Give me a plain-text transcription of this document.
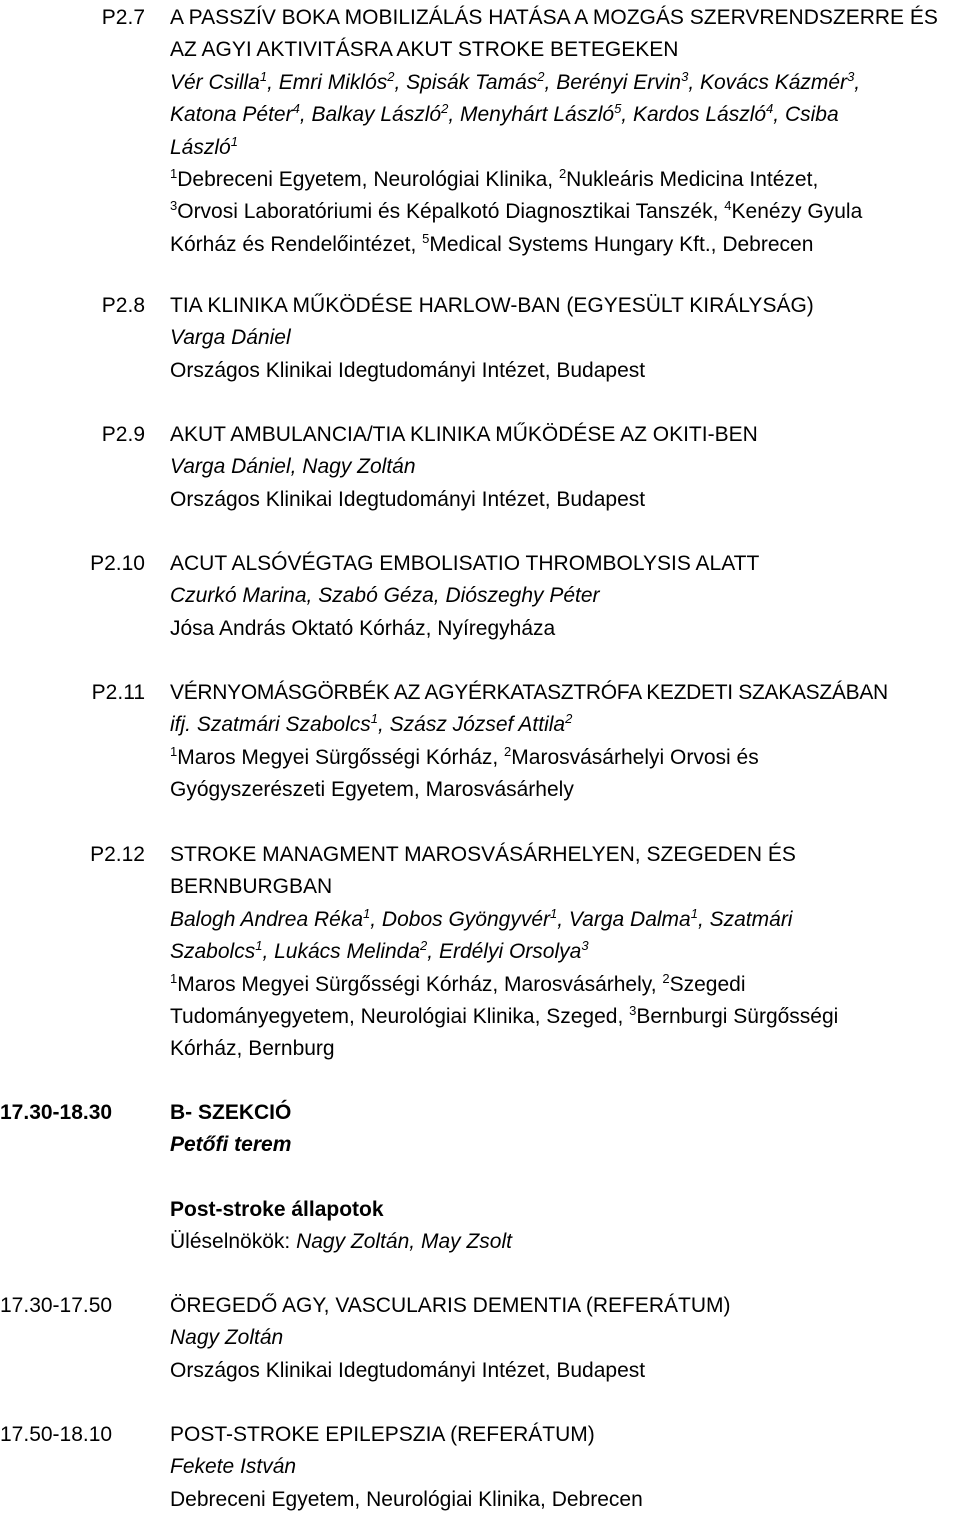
P2.7 A PASSZÍV BOKA MOBILIZÁLÁS HATÁSA A MOZGÁS SZERVRENDSZERRE ÉS
AZ AGYI AKTIVITÁSRA AKUT STROKE BETEGEKEN
Vér Csilla$^1$, Emri Miklós$^2$, Spisák Tamás$^2$, Berényi Ervin$^3$, Kovács Kázmér$^3$,
Katona Péter$^4$, Balkay László$^2$, Menyhárt László$^5$, Kardos László$^4$, Csiba
László$^1$
$^1$Debreceni Egyetem, Neurológiai Klinika, $^2$Nukleáris Medicina Intézet,
$^3$Orvosi Laboratóriumi és Képalkotó Diagnosztikai Tanszék, $^4$Kenézy Gyula
Kórház és Rendelőintézet, $^5$Medical Systems Hungary Kft., Debrecen
P2.8 TIA KLINIKA MŰKÖDÉSE HARLOW-BAN (EGYESÜLT KIRÁLYSÁG)
Varga Dániel
Országos Klinikai Idegtudományi Intézet, Budapest
P2.9 AKUT AMBULANCIA/TIA KLINIKA MŰKÖDÉSE AZ OKITI-BEN
Varga Dániel, Nagy Zoltán
Országos Klinikai Idegtudományi Intézet, Budapest
P2.10 ACUT ALSÓVÉGTAG EMBOLISATIO THROMBOLYSIS ALATT
Czurkó Marina, Szabó Géza, Diószeghy Péter
Jósa András Oktató Kórház, Nyíregyháza
P2.11 VÉRNYOMÁSGÖRBÉK AZ AGYÉRKATASZTRÓFA KEZDETI SZAKASZÁBAN
ifj. Szatmári Szabolcs$^1$, Szász József Attila$^2$
$^1$Maros Megyei Sürgősségi Kórház, $^2$Marosvásárhelyi Orvosi és
Gyógyszerészeti Egyetem, Marosvásárhely
P2.12 STROKE MANAGMENT MAROSVÁSÁRHELYEN, SZEGEDEN ÉS
BERNBURGBAN
Balogh Andrea Réka$^1$, Dobos Gyöngyvér$^1$, Varga Dalma$^1$, Szatmári
Szabolcs$^1$, Lukács Melinda$^2$, Erdélyi Orsolya$^3$
$^1$Maros Megyei Sürgősségi Kórház, Marosvásárhely, $^2$Szegedi
Tudományegyetem, Neurológiai Klinika, Szeged, $^3$Bernburgi Sürgősségi
Kórház, Bernburg
17.30-18.30	B- SZEKCIÓ
Petőfi terem
Post-stroke állapotok
Üléselnökök: Nagy Zoltán, May Zsolt
17.30-17.50	ÖREGEDŐ AGY, VASCULARIS DEMENTIA (REFERÁTUM)
Nagy Zoltán
Országos Klinikai Idegtudományi Intézet, Budapest
17.50-18.10	POST-STROKE EPILEPSZIA (REFERÁTUM)
Fekete István
Debreceni Egyetem, Neurológiai Klinika, Debrecen
